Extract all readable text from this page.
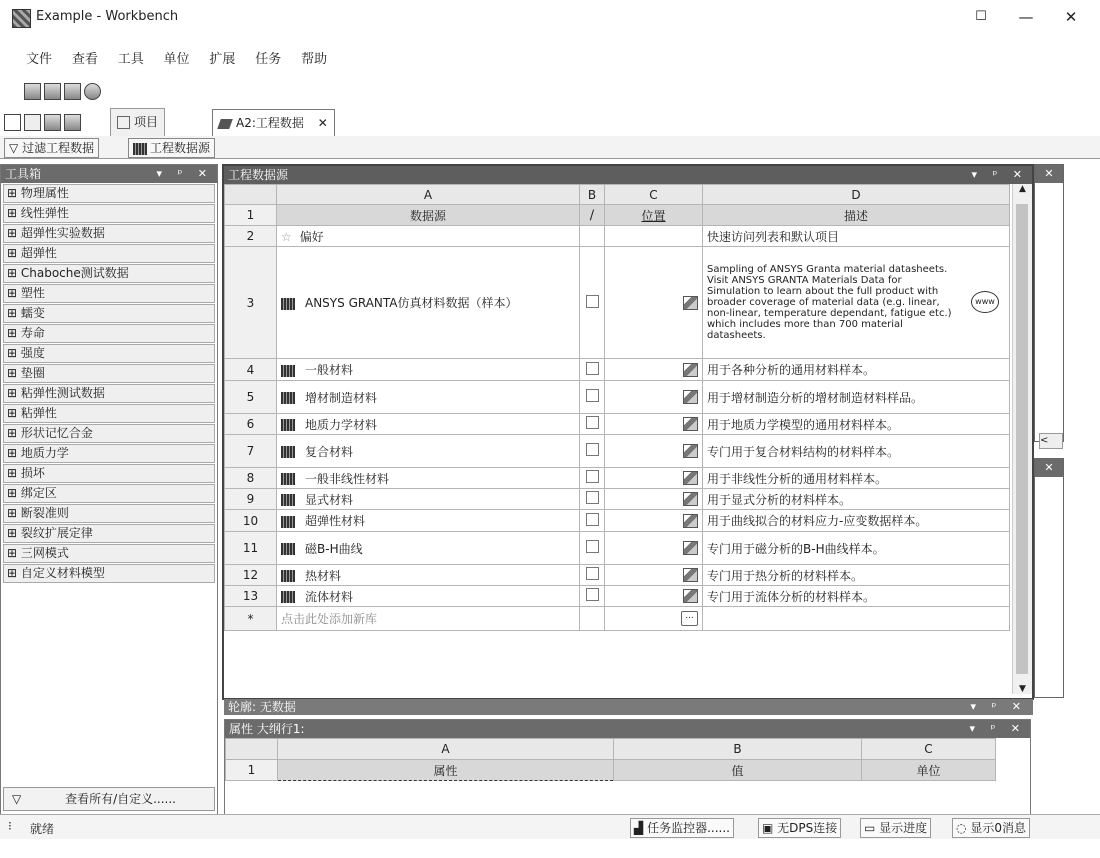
Example - Workbench	—
☐	✕
文件 查看 工具 单位 扩展 任务 帮助
项目	A2:工程数据 ✕
▽ 过滤工程数据	工程数据源
工具箱	▾ ᵖ ✕
⊞ 物理属性
⊞ 线性弹性
⊞ 超弹性实验数据
⊞ 超弹性
⊞ Chaboche测试数据
⊞ 塑性
⊞ 蠕变
⊞ 寿命
⊞ 强度
⊞ 垫圈
⊞ 粘弹性测试数据
⊞ 粘弹性
⊞ 形状记忆合金
⊞ 地质力学
⊞ 损坏
⊞ 绑定区
⊞ 断裂准则
⊞ 裂纹扩展定律
⊞ 三网模式
⊞ 自定义材料模型
▽	查看所有/自定义......
工程数据源	▾ ᵖ ✕
	A	B	C	D
1	数据源	∕	位置	描述
2	☆ 偏好			快速访问列表和默认项目
3	ANSYS GRANTA仿真材料数据（样本）			Sampling of ANSYS Granta material datasheets. Visit ANSYS GRANTA Materials Data for Simulation to learn about the full product with broader coverage of material data (e.g. linear, non-linear, temperature dependant, fatigue etc.) which includes more than 700 material datasheets.
www

4	一般材料			用于各种分析的通用材料样本。
5	增材制造材料			用于增材制造分析的增材制造材料样品。
6	地质力学材料			用于地质力学模型的通用材料样本。
7	复合材料			专门用于复合材料结构的材料样本。
8	一般非线性材料			用于非线性分析的通用材料样本。
9	显式材料			用于显式分析的材料样本。
10	超弹性材料			用于曲线拟合的材料应力-应变数据样本。
11	磁B-H曲线			专门用于磁分析的B-H曲线样本。
12	热材料			专门用于热分析的材料样本。
13	流体材料			专门用于流体分析的材料样本。
*	点击此处添加新库		...	

▲
▼
✕
<
✕
轮廓: 无数据	▾ ᵖ ✕
属性 大纲行1:	▾ ᵖ ✕
	A	B	C
1	属性	值	单位
⁝ 就绪	▟ 任务监控器......	▣ 无DPS连接	▭ 显示进度	◌ 显示0消息
